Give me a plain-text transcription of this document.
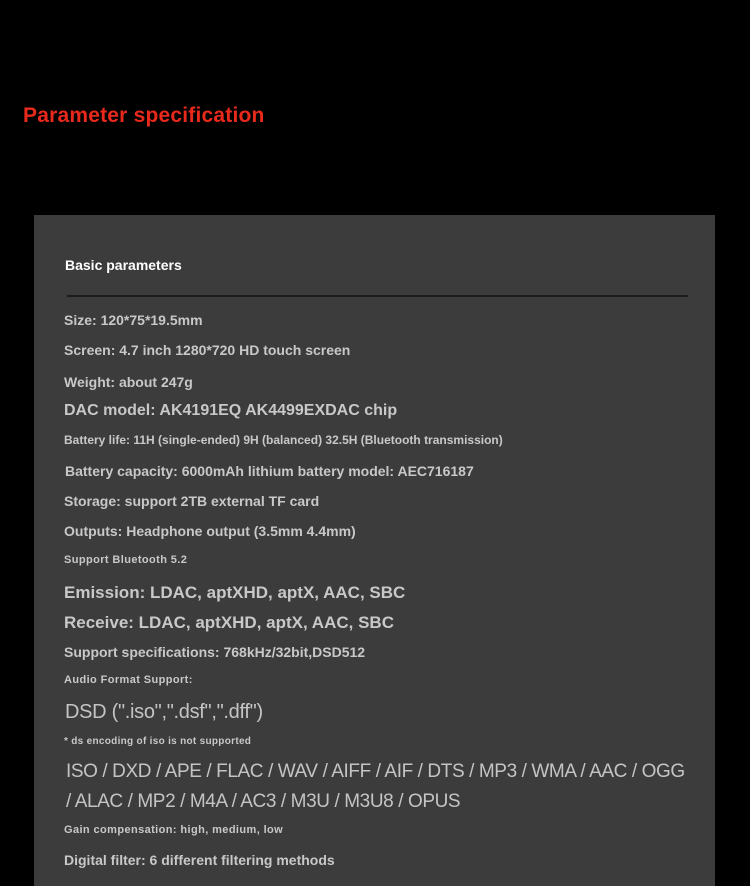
Parameter specification
Basic parameters

Size: 120*75*19.5mm

Screen: 4.7 inch 1280*720 HD touch screen

Weight: about 247g

DAC model: AK4191EQ AK4499EXDAC chip

Battery life: 11H (single-ended) 9H (balanced) 32.5H (Bluetooth transmission)

Battery capacity: 6000mAh lithium battery model: AEC716187

Storage: support 2TB external TF card

Outputs: Headphone output (3.5mm 4.4mm)

Support Bluetooth 5.2

Emission: LDAC, aptXHD, aptX, AAC, SBC

Receive: LDAC, aptXHD, aptX, AAC, SBC

Support specifications: 768kHz/32bit,DSD512

Audio Format Support:

DSD (".iso",".dsf",".dff")

* ds encoding of iso is not supported

ISO / DXD / APE / FLAC / WAV / AIFF / AIF / DTS / MP3 / WMA / AAC / OGG

/ ALAC / MP2 / M4A / AC3 / M3U / M3U8 / OPUS

Gain compensation: high, medium, low

Digital filter: 6 different filtering methods
